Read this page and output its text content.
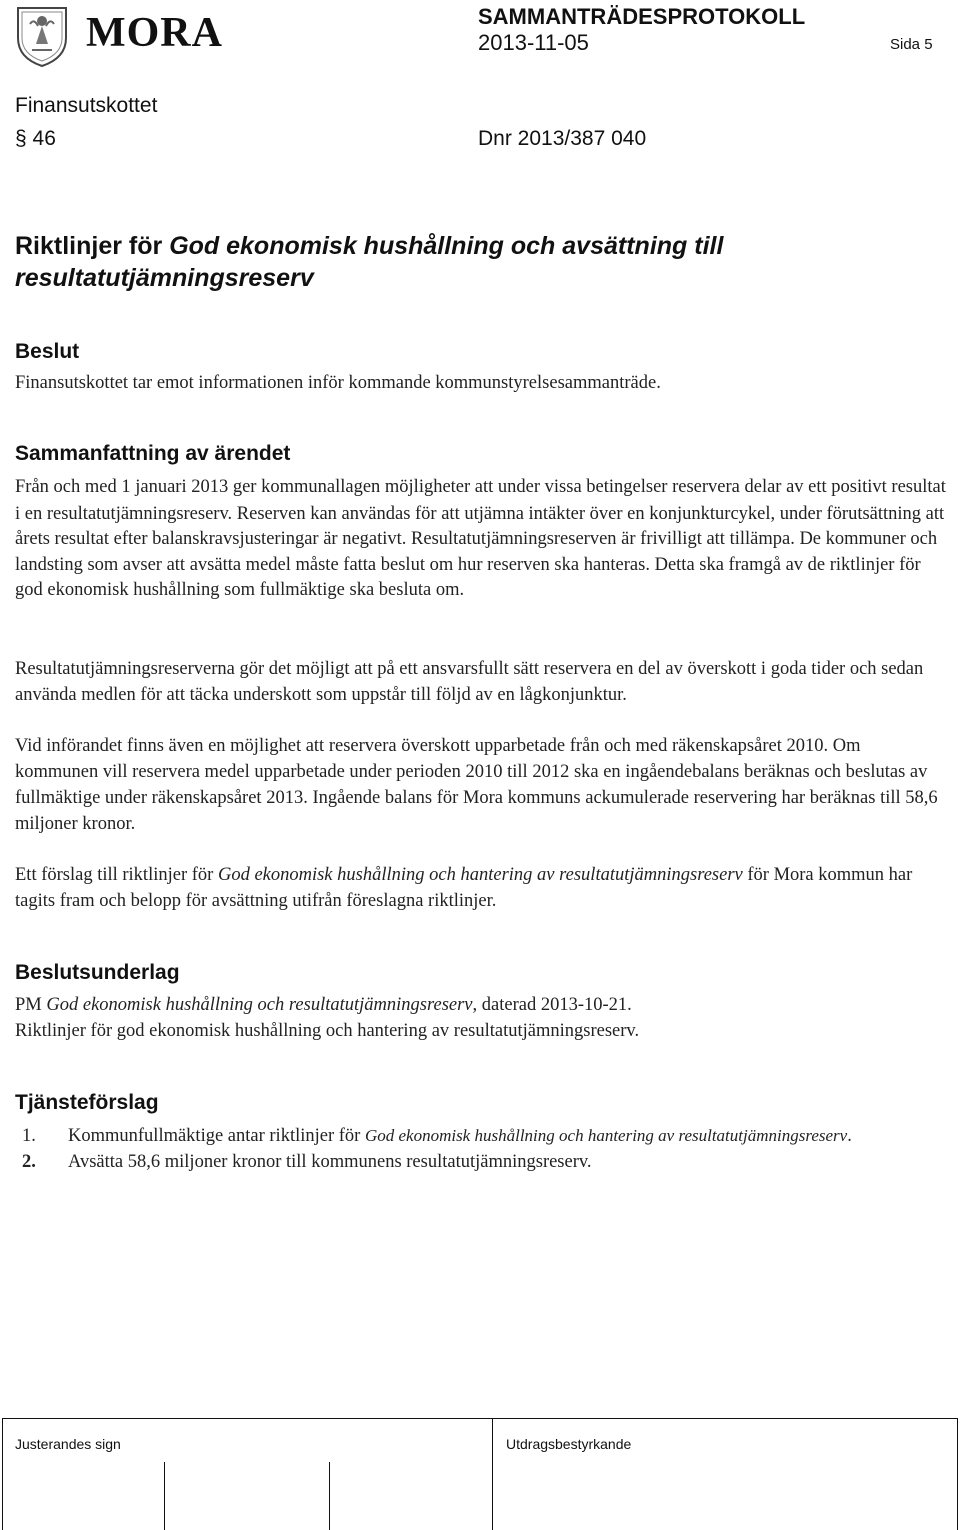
MORA	SAMMANTRÄDESPROTOKOLL
2013-11-05	Sida 5
Finansutskottet
§ 46	Dnr 2013/387 040
Riktlinjer för God ekonomisk hushållning och avsättning till resultatutjämningsreserv
Beslut
Finansutskottet tar emot informationen inför kommande kommunstyrelsesammanträde.
Sammanfattning av ärendet
Från och med 1 januari 2013 ger kommunallagen möjligheter att under vissa betingelser reservera delar av ett positivt resultat i en resultatutjämningsreserv. Reserven kan användas för att utjämna intäkter över en konjunkturcykel, under förutsättning att årets resultat efter balanskravsjusteringar är negativt. Resultatutjämningsreserven är frivilligt att tillämpa. De kommuner och landsting som avser att avsätta medel måste fatta beslut om hur reserven ska hanteras. Detta ska framgå av de riktlinjer för god ekonomisk hushållning som fullmäktige ska besluta om.
Resultatutjämningsreserverna gör det möjligt att på ett ansvarsfullt sätt reservera en del av överskott i goda tider och sedan använda medlen för att täcka underskott som uppstår till följd av en lågkonjunktur.
Vid införandet finns även en möjlighet att reservera överskott upparbetade från och med räkenskapsåret 2010. Om kommunen vill reservera medel upparbetade under perioden 2010 till 2012 ska en ingåendebalans beräknas och beslutas av fullmäktige under räkenskapsåret 2013. Ingående balans för Mora kommuns ackumulerade reservering har beräknas till 58,6 miljoner kronor.
Ett förslag till riktlinjer för God ekonomisk hushållning och hantering av resultatutjämningsreserv för Mora kommun har tagits fram och belopp för avsättning utifrån föreslagna riktlinjer.
Beslutsunderlag
PM God ekonomisk hushållning och resultatutjämningsreserv, daterad 2013-10-21.
Riktlinjer för god ekonomisk hushållning och hantering av resultatutjämningsreserv.
Tjänsteförslag
1. Kommunfullmäktige antar riktlinjer för God ekonomisk hushållning och hantering av resultatutjämningsreserv.
2. Avsätta 58,6 miljoner kronor till kommunens resultatutjämningsreserv.
Justerandes sign	Utdragsbestyrkande
